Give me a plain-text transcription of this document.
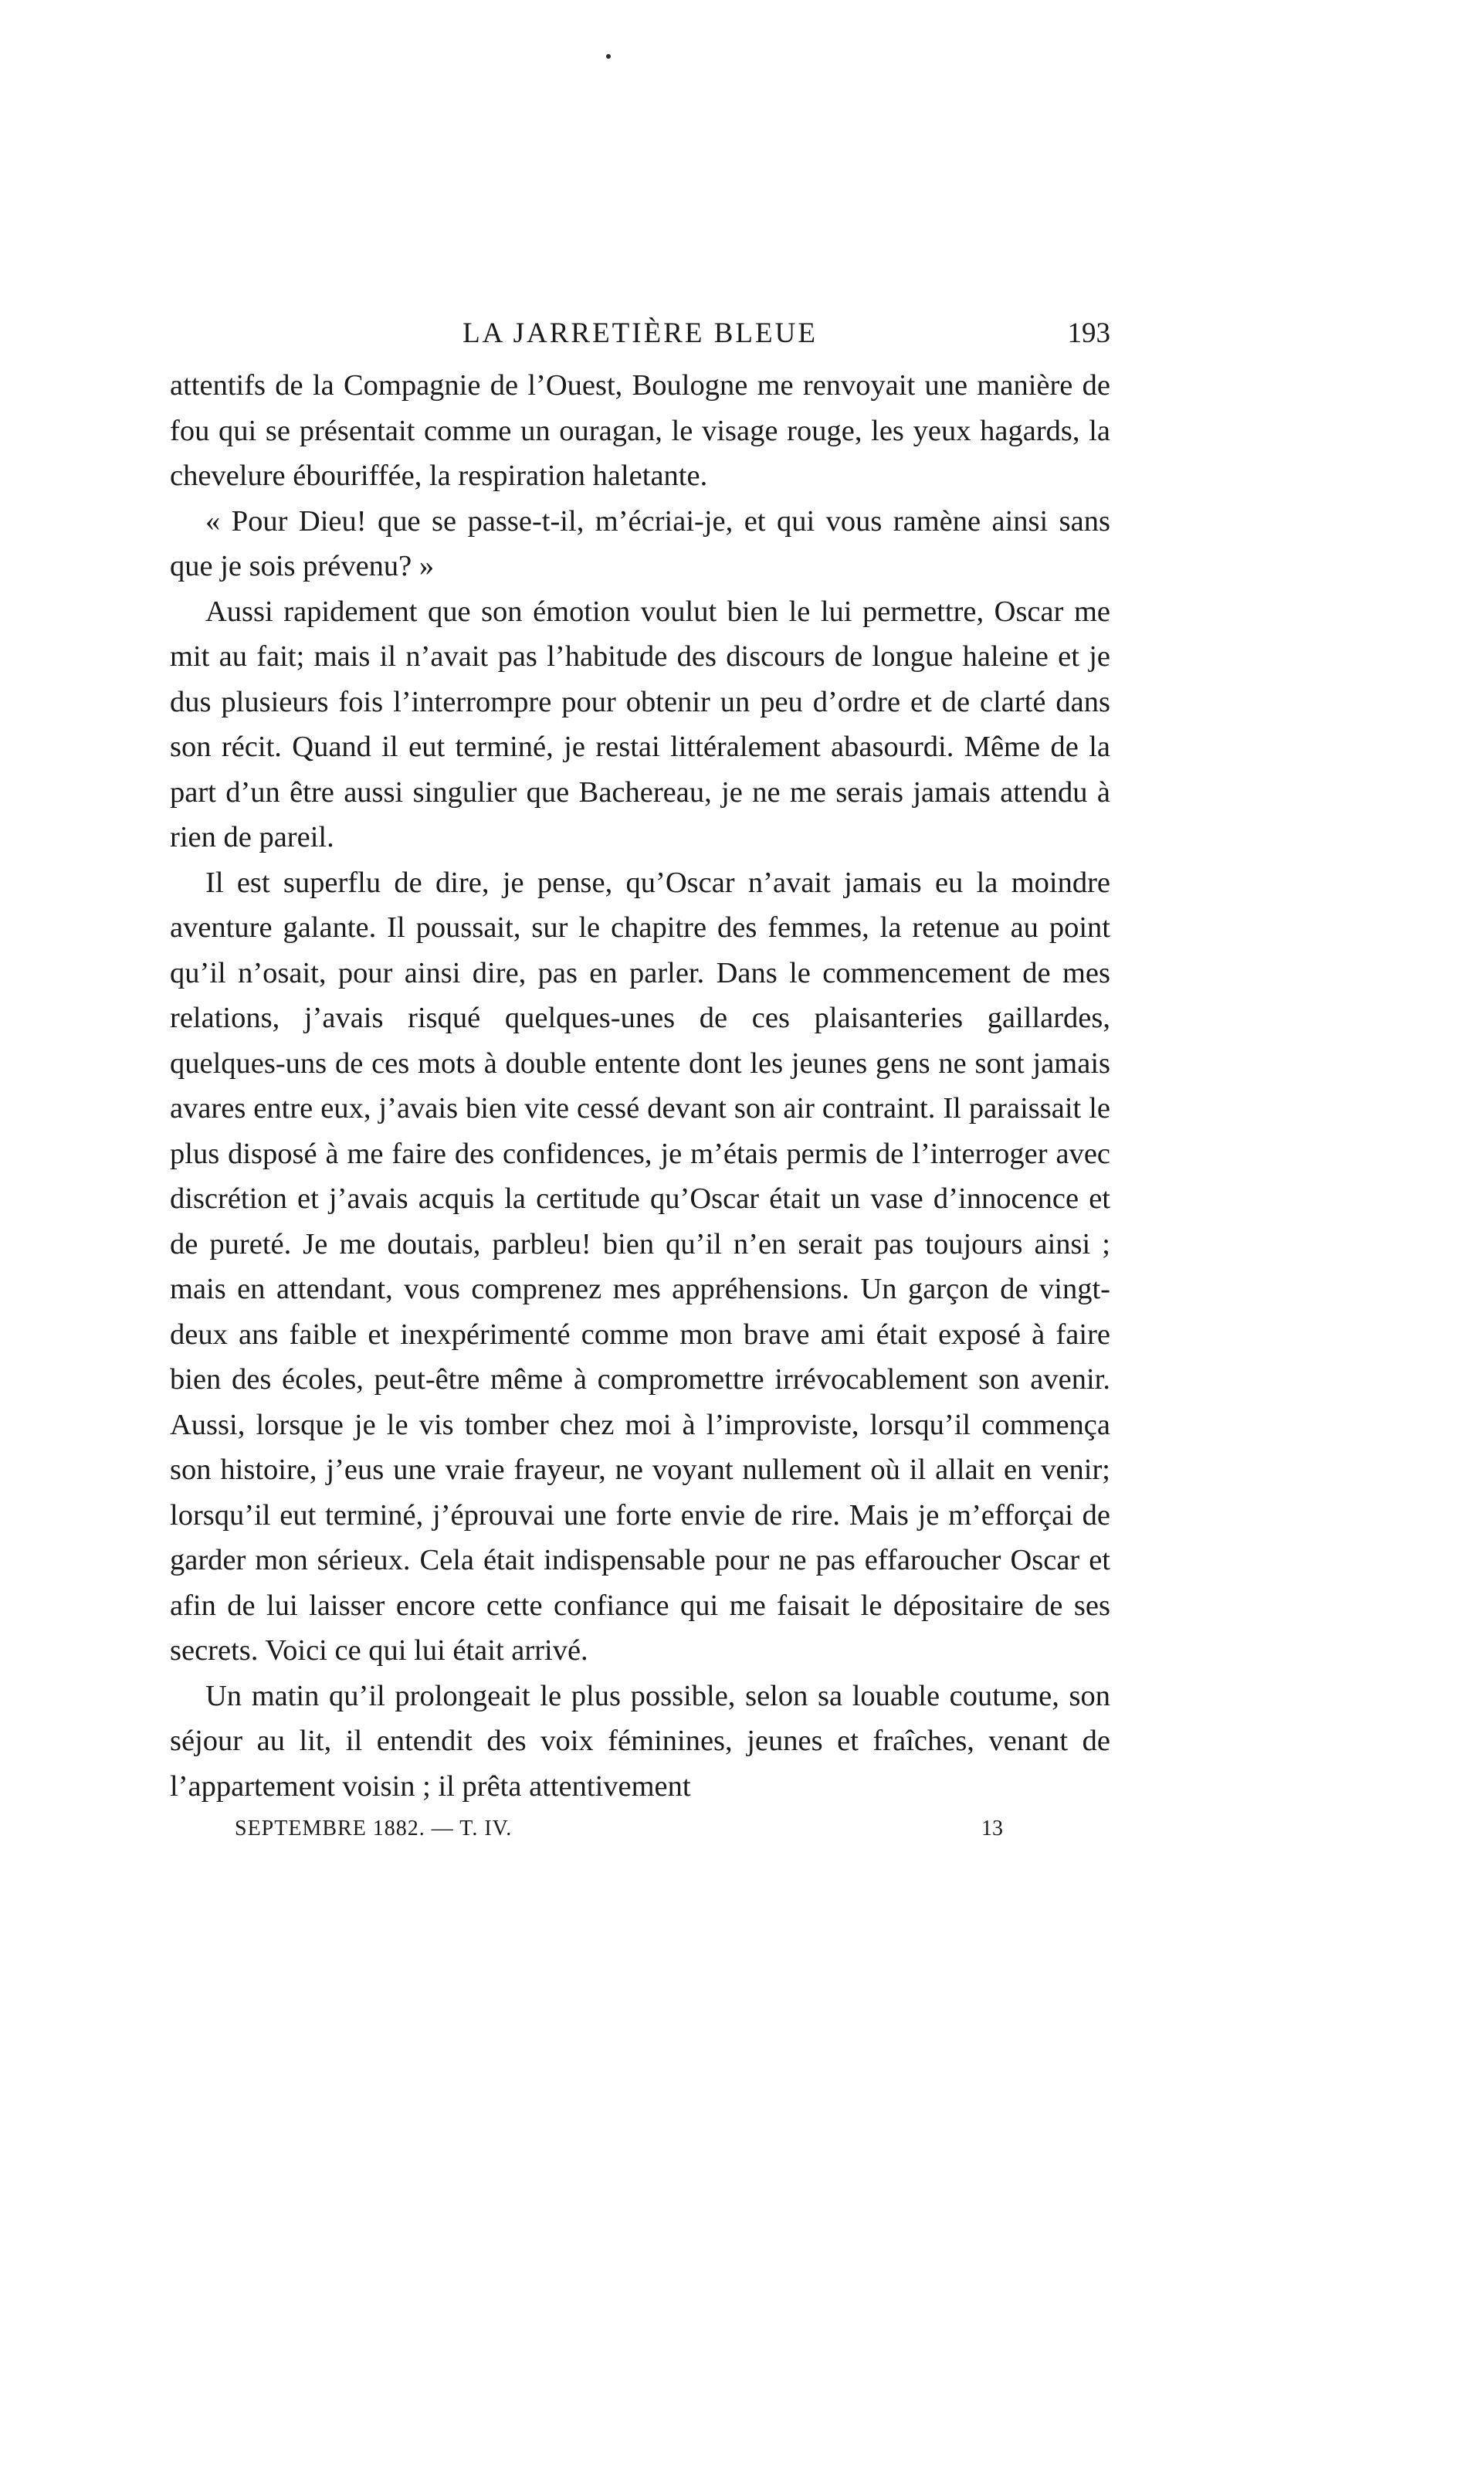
LA JARRETIÈRE BLEUE	193

attentifs de la Compagnie de l’Ouest, Boulogne me renvoyait une manière de fou qui se présentait comme un ouragan, le visage rouge, les yeux hagards, la chevelure ébouriffée, la respiration haletante.

« Pour Dieu! que se passe-t-il, m’écriai-je, et qui vous ramène ainsi sans que je sois prévenu? »

Aussi rapidement que son émotion voulut bien le lui permettre, Oscar me mit au fait; mais il n’avait pas l’habitude des discours de longue haleine et je dus plusieurs fois l’interrompre pour obtenir un peu d’ordre et de clarté dans son récit. Quand il eut terminé, je restai littéralement abasourdi. Même de la part d’un être aussi singulier que Bachereau, je ne me serais jamais attendu à rien de pareil.

Il est superflu de dire, je pense, qu’Oscar n’avait jamais eu la moindre aventure galante. Il poussait, sur le chapitre des femmes, la retenue au point qu’il n’osait, pour ainsi dire, pas en parler. Dans le commencement de mes relations, j’avais risqué quelques-unes de ces plaisanteries gaillardes, quelques-uns de ces mots à double entente dont les jeunes gens ne sont jamais avares entre eux, j’avais bien vite cessé devant son air contraint. Il paraissait le plus disposé à me faire des confidences, je m’étais permis de l’interroger avec discrétion et j’avais acquis la certitude qu’Oscar était un vase d’innocence et de pureté. Je me doutais, parbleu! bien qu’il n’en serait pas toujours ainsi ; mais en attendant, vous comprenez mes appréhensions. Un garçon de vingt-deux ans faible et inexpérimenté comme mon brave ami était exposé à faire bien des écoles, peut-être même à compromettre irrévocablement son avenir. Aussi, lorsque je le vis tomber chez moi à l’improviste, lorsqu’il commença son histoire, j’eus une vraie frayeur, ne voyant nullement où il allait en venir; lorsqu’il eut terminé, j’éprouvai une forte envie de rire. Mais je m’efforçai de garder mon sérieux. Cela était indispensable pour ne pas effaroucher Oscar et afin de lui laisser encore cette confiance qui me faisait le dépositaire de ses secrets. Voici ce qui lui était arrivé.

Un matin qu’il prolongeait le plus possible, selon sa louable coutume, son séjour au lit, il entendit des voix féminines, jeunes et fraîches, venant de l’appartement voisin ; il prêta attentivement

SEPTEMBRE 1882. — T. IV.	13
